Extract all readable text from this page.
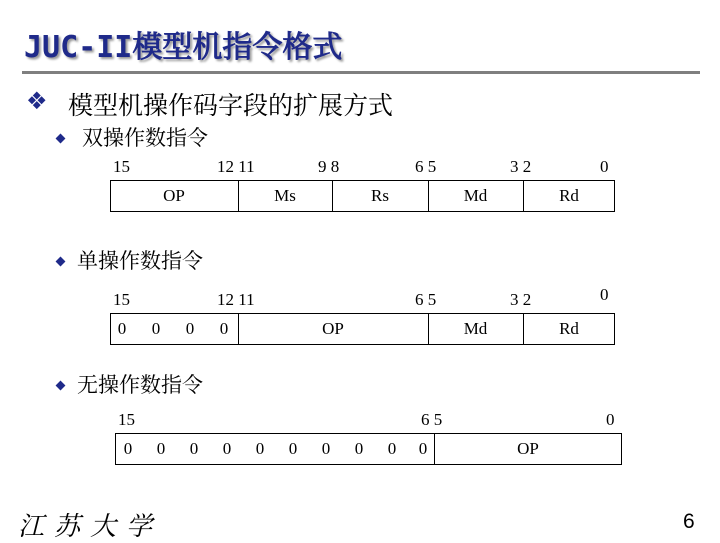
JUC-II模型机指令格式
❖ 模型机操作码字段的扩展方式
双操作数指令
15	12 11	9 8	6 5	3 2	0
OP	Ms	Rs	Md	Rd
单操作数指令
15	12 11	6 5	3 2	0
0	0	0	0	OP	Md	Rd
无操作数指令
15	6 5	0
0	0	0	0	0	0	0	0	0	0	OP
江苏大学	6
